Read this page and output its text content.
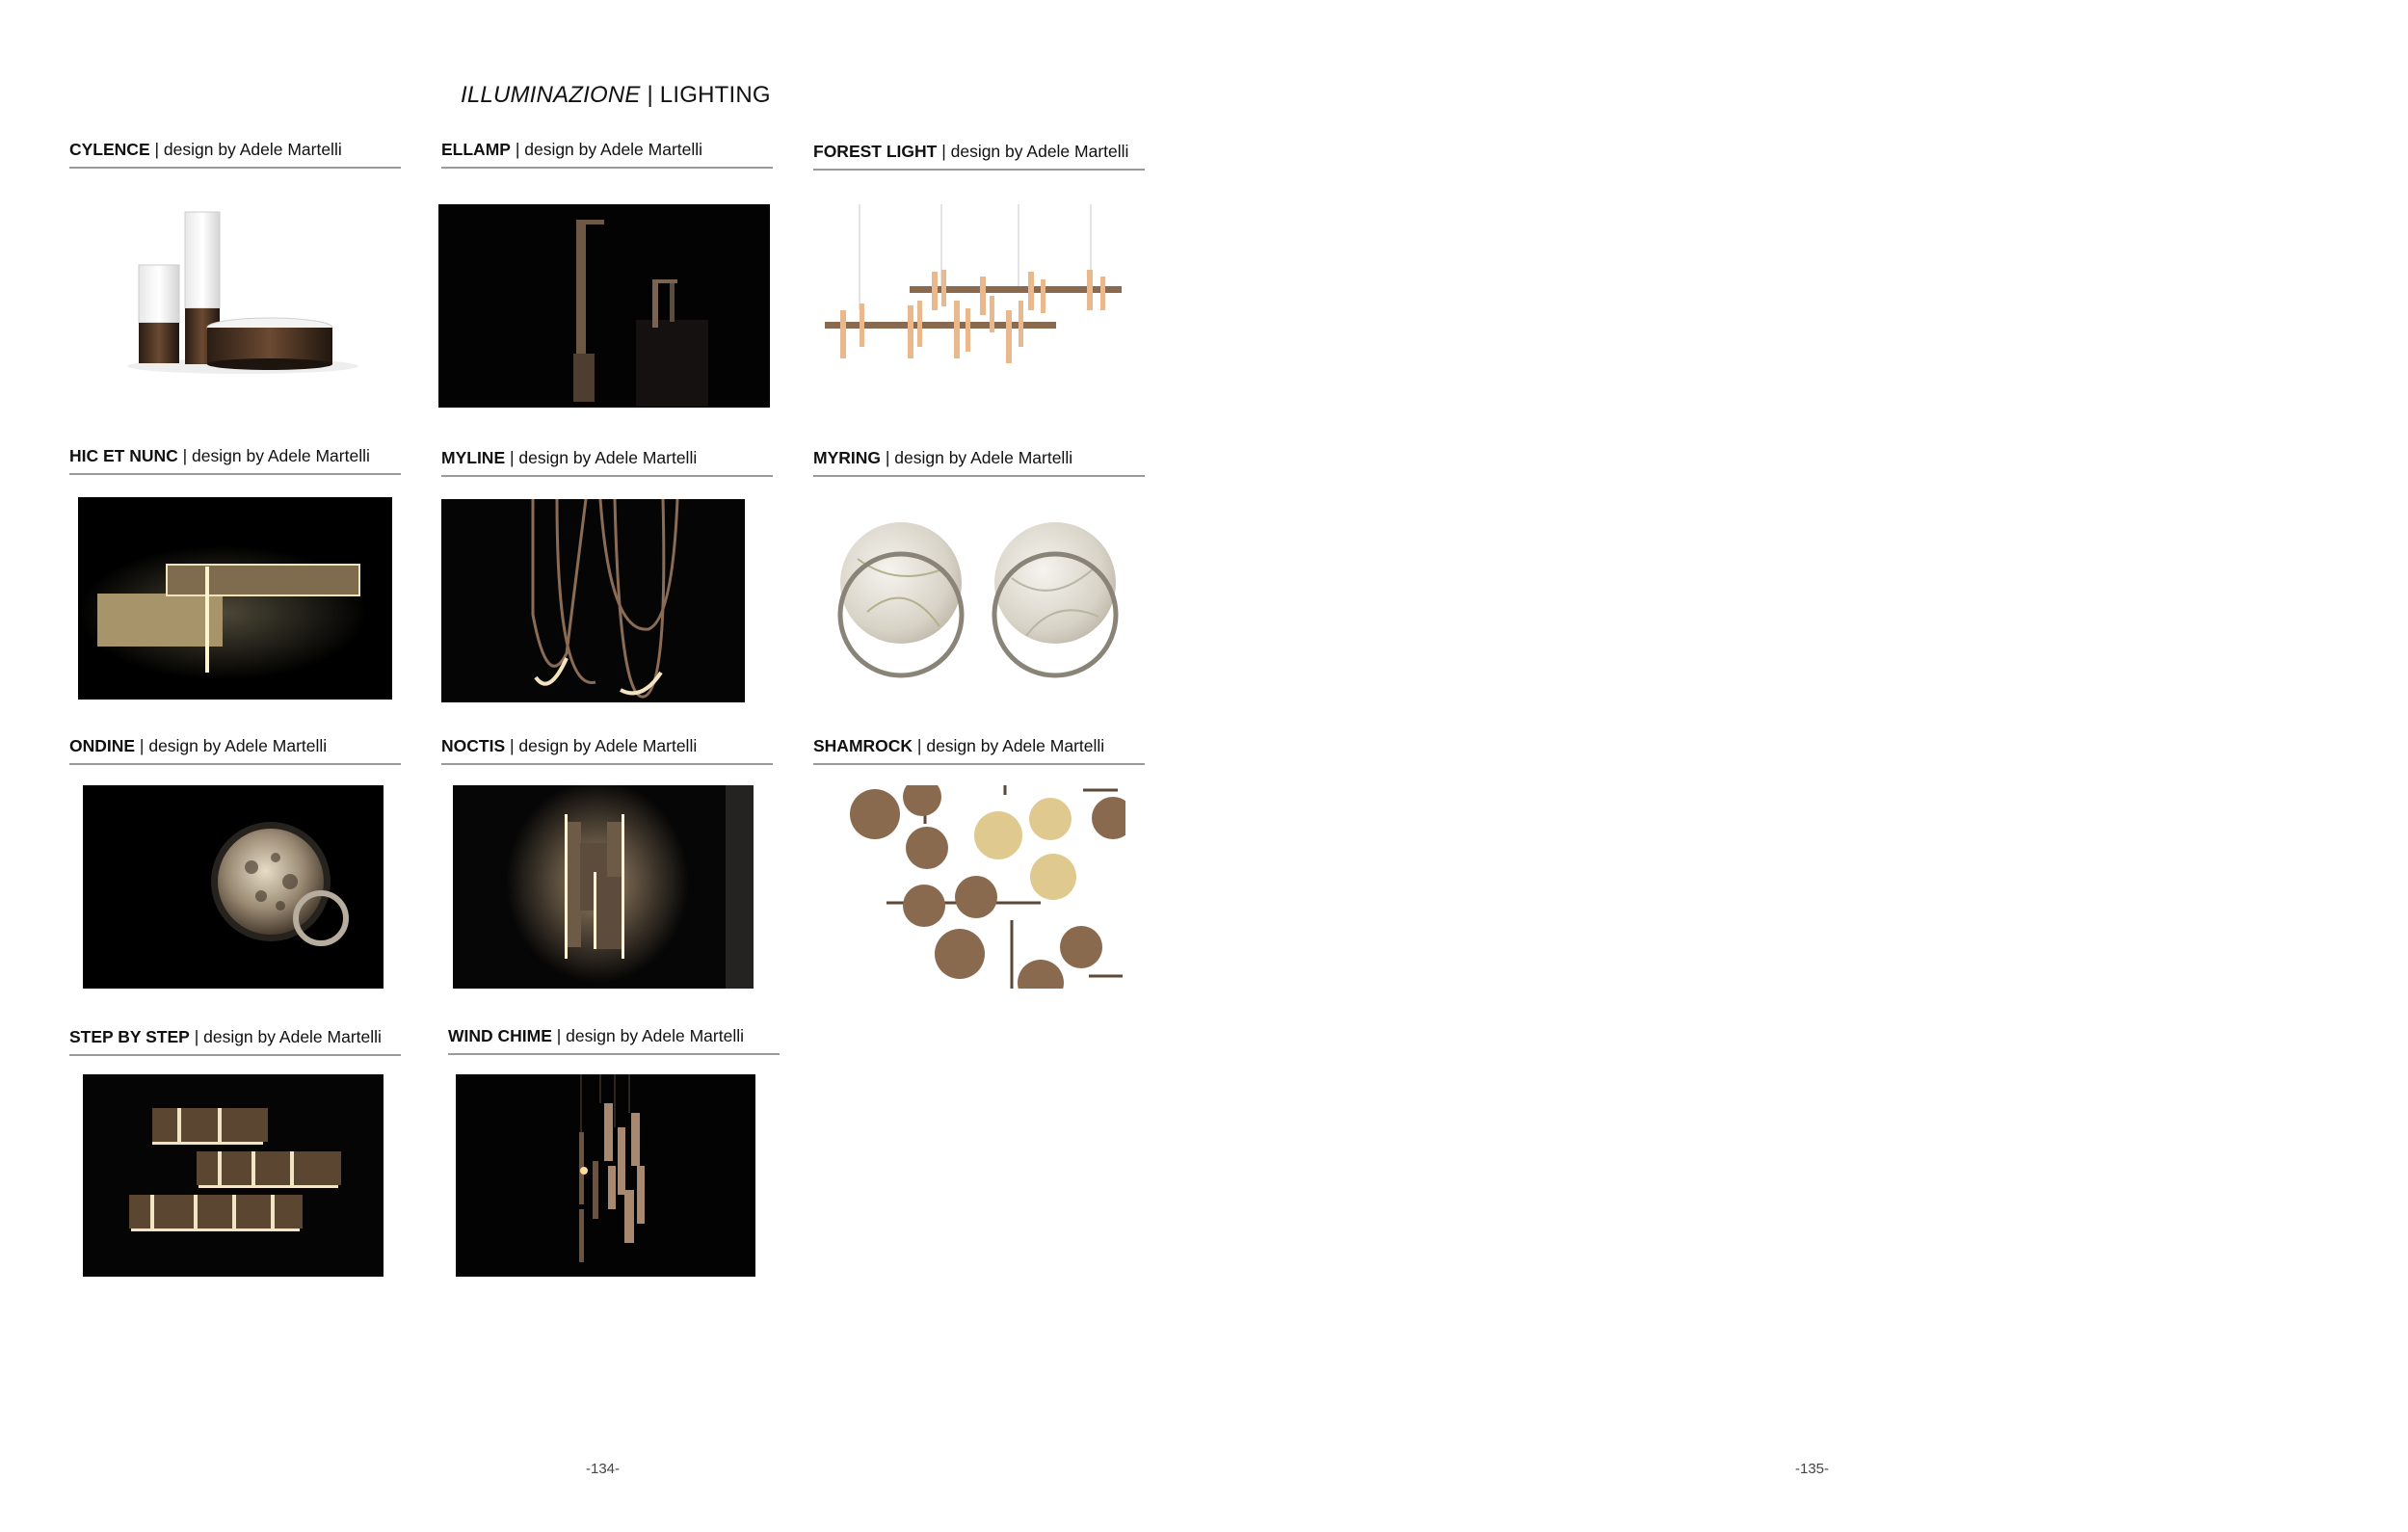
ILLUMINAZIONE | LIGHTING
CYLENCE | design by Adele Martelli	ELLAMP | design by Adele Martelli	FOREST LIGHT | design by Adele Martelli
HIC ET NUNC | design by Adele Martelli	MYLINE | design by Adele Martelli	MYRING | design by Adele Martelli
ONDINE | design by Adele Martelli	NOCTIS | design by Adele Martelli	SHAMROCK | design by Adele Martelli
STEP BY STEP | design by Adele Martelli	WIND CHIME | design by Adele Martelli
-134-	-135-
